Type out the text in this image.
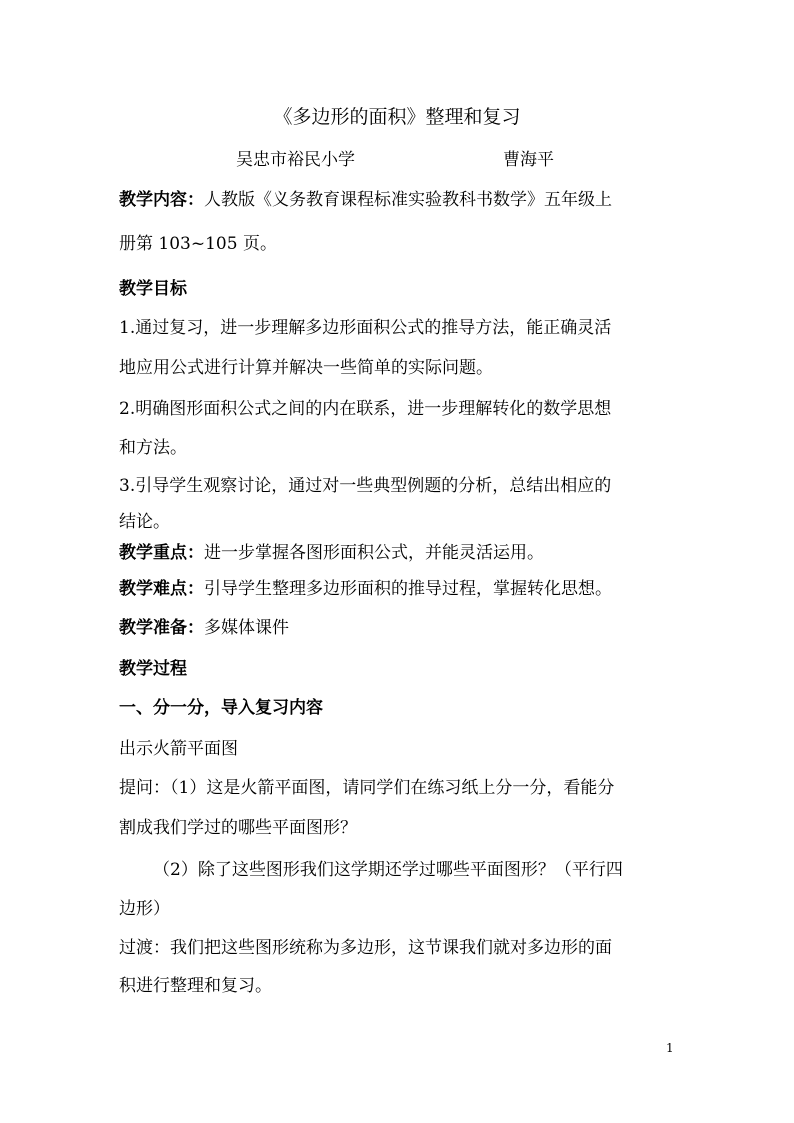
《多边形的面积》整理和复习
吴忠市裕民小学	曹海平

教学内容：人教版《义务教育课程标准实验教科书数学》五年级上

册第 103~105 页。

教学目标

1.通过复习，进一步理解多边形面积公式的推导方法，能正确灵活

地应用公式进行计算并解决一些简单的实际问题。

2.明确图形面积公式之间的内在联系，进一步理解转化的数学思想

和方法。

3.引导学生观察讨论，通过对一些典型例题的分析，总结出相应的

结论。

教学重点：进一步掌握各图形面积公式，并能灵活运用。

教学难点：引导学生整理多边形面积的推导过程，掌握转化思想。

教学准备：多媒体课件

教学过程

一、分一分，导入复习内容

出示火箭平面图

提问：（1）这是火箭平面图，请同学们在练习纸上分一分，看能分

割成我们学过的哪些平面图形？

（2）除了这些图形我们这学期还学过哪些平面图形？（平行四

边形）

过渡：我们把这些图形统称为多边形，这节课我们就对多边形的面

积进行整理和复习。

1
